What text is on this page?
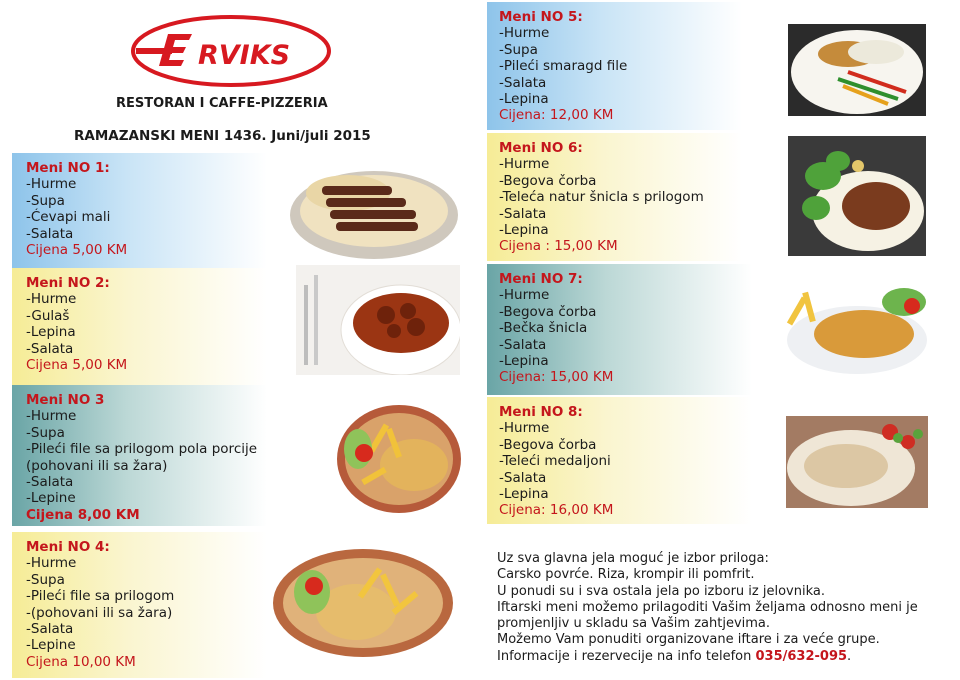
RVIKS
RESTORAN I CAFFE-PIZZERIA
RAMAZANSKI MENI 1436. Juni/juli 2015
Meni NO 1:
-Hurme
-Supa
-Ćevapi mali
-Salata
Cijena 5,00 KM
Meni NO 2:
-Hurme
-Gulaš
-Lepina
-Salata
Cijena 5,00 KM
Meni NO 3
-Hurme
-Supa
-Pileći file sa prilogom pola porcije
(pohovani ili sa žara)
-Salata
-Lepine
Cijena 8,00 KM
Meni NO 4:
-Hurme
-Supa
-Pileći file sa prilogom
-(pohovani ili sa žara)
-Salata
-Lepine
Cijena 10,00 KM
Meni NO 5:
-Hurme
-Supa
-Pileći smaragd file
-Salata
-Lepina
Cijena: 12,00 KM
Meni NO 6:
-Hurme
-Begova čorba
-Teleća natur šnicla s prilogom
-Salata
-Lepina
Cijena : 15,00 KM
Meni NO 7:
-Hurme
-Begova čorba
-Bečka šnicla
-Salata
-Lepina
Cijena: 15,00 KM
Meni NO 8:
-Hurme
-Begova čorba
-Teleći medaljoni
-Salata
-Lepina
Cijena: 16,00 KM
Uz sva glavna jela moguć je izbor priloga:
Carsko povrće. Riza, krompir ili pomfrit.
U ponudi su i sva ostala jela po izboru iz jelovnika.
Iftarski meni možemo prilagoditi Vašim željama odnosno meni je
promjenljiv u skladu sa Vašim zahtjevima.
Možemo Vam ponuditi organizovane iftare i za veće grupe.
Informacije i rezervecije na info telefon 035/632-095.
